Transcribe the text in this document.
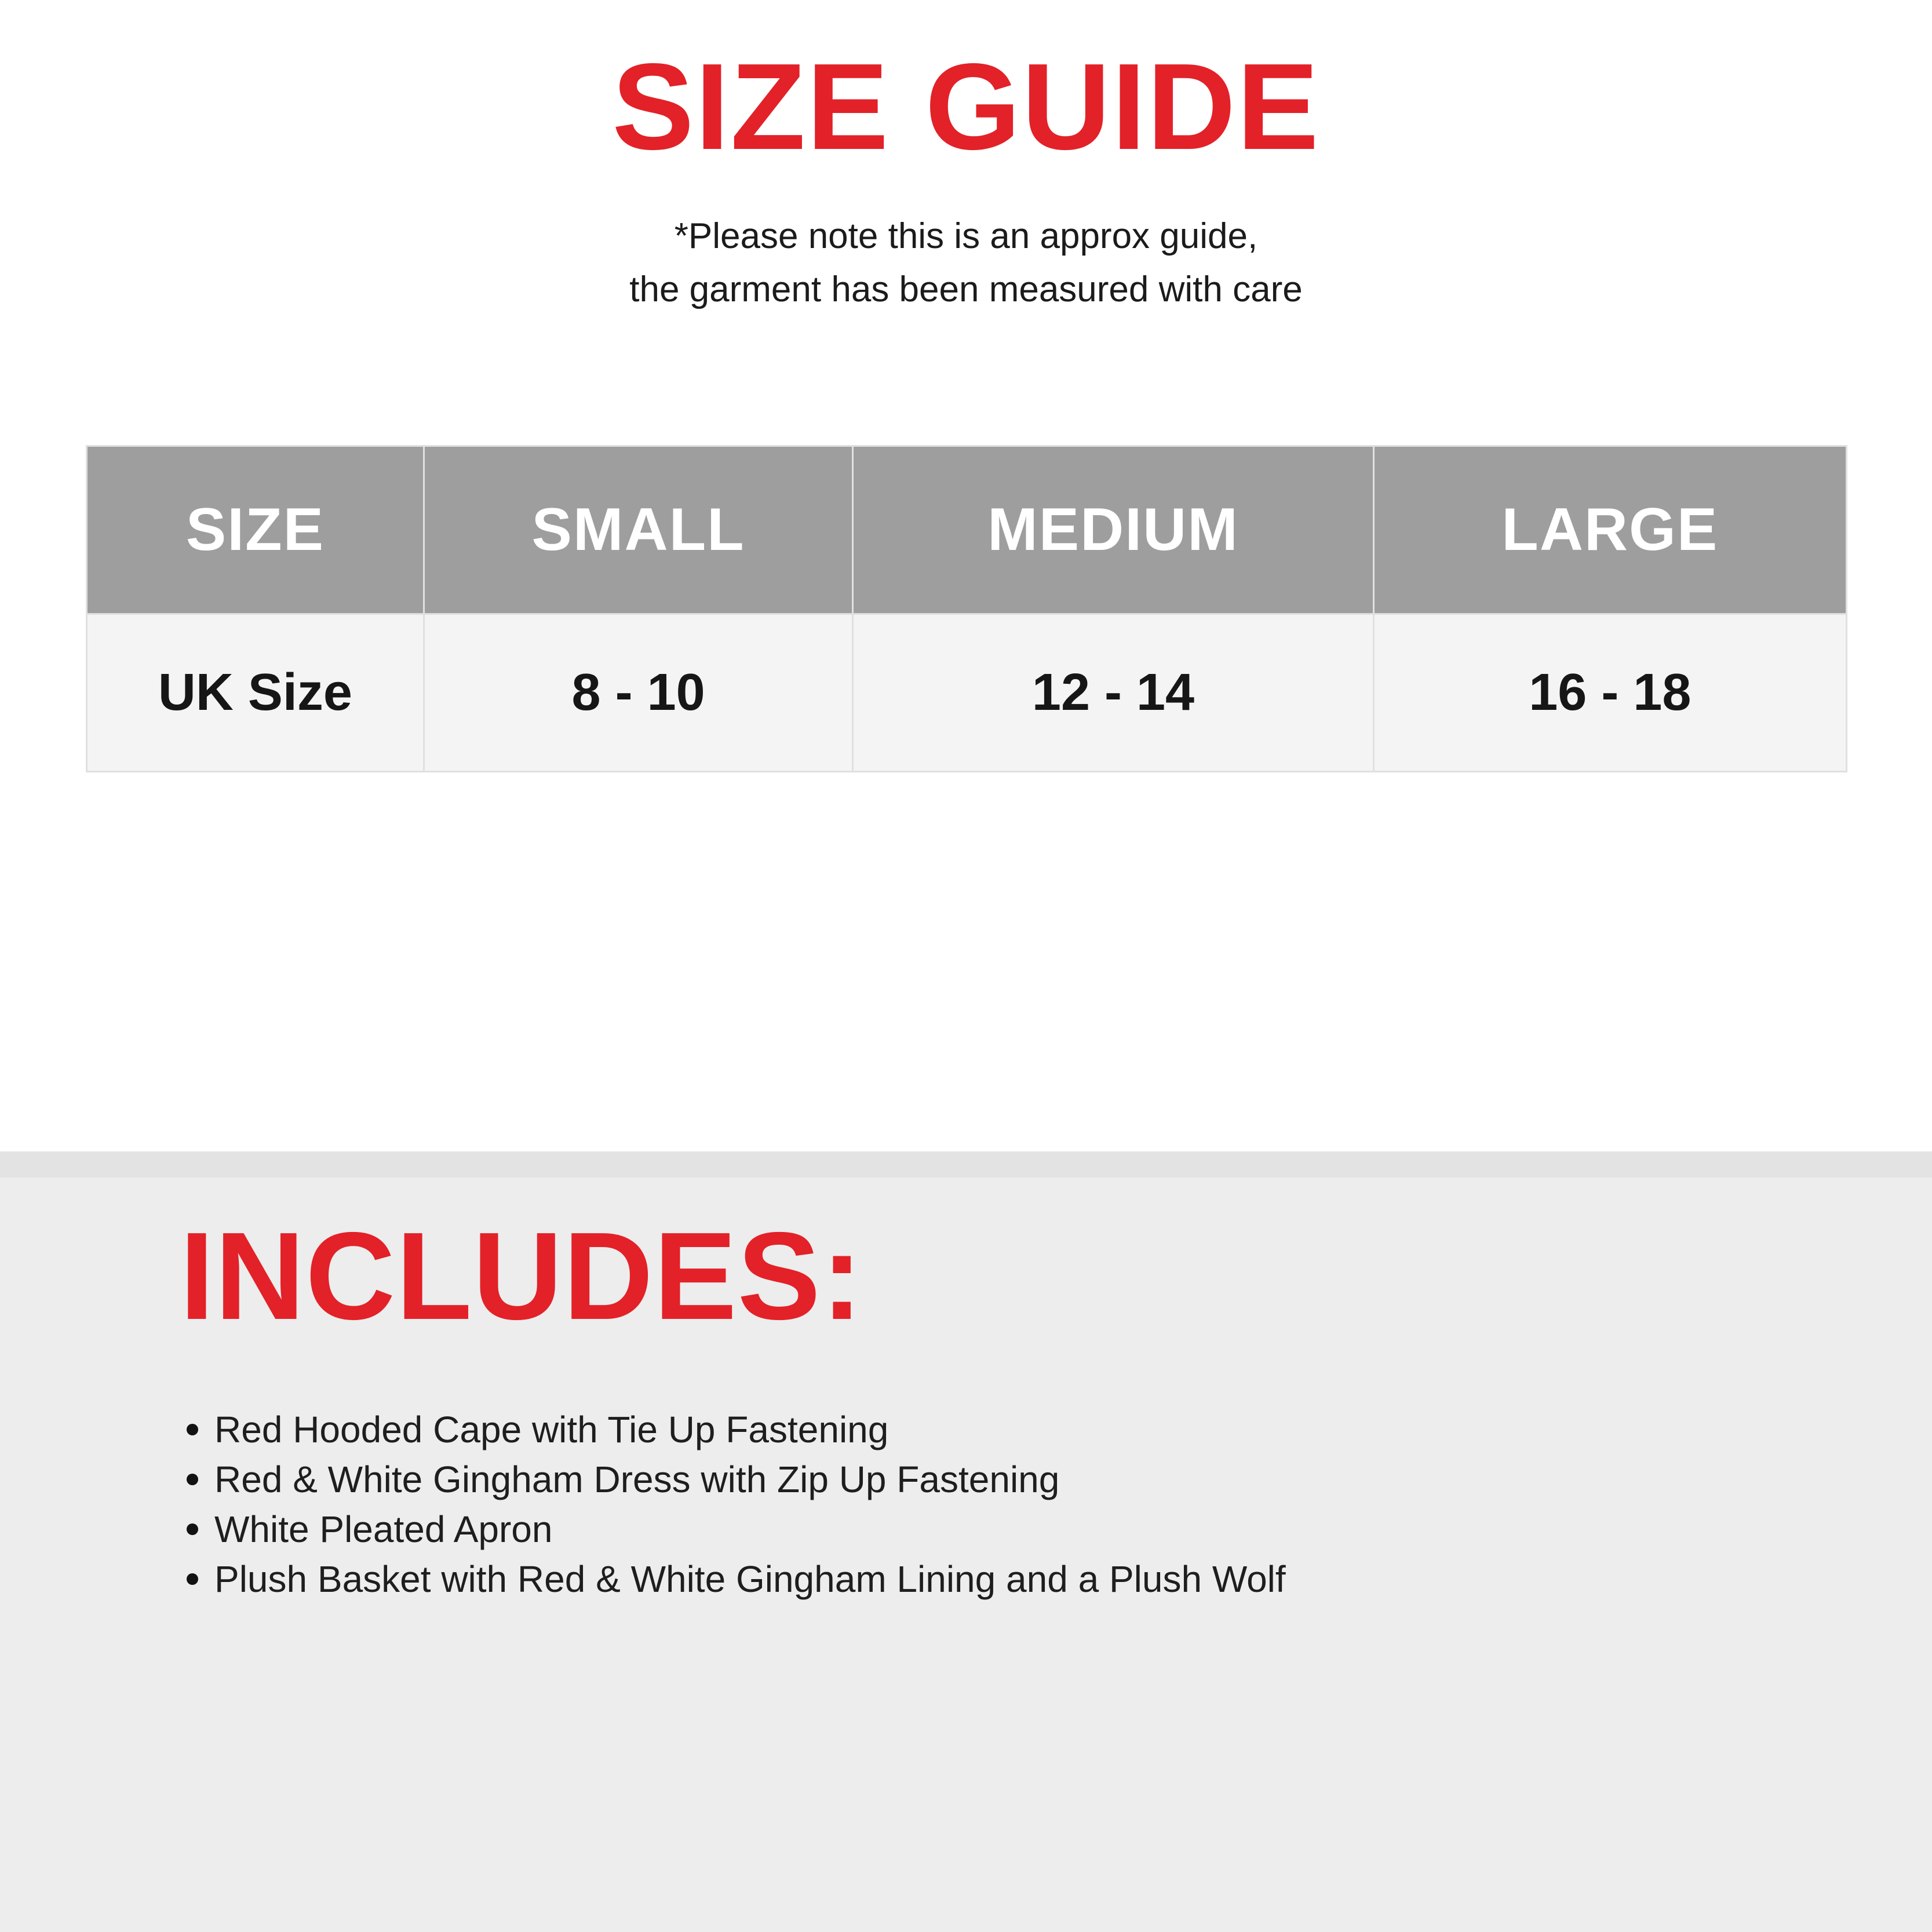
SIZE GUIDE

*Please note this is an approx guide,
the garment has been measured with care

SIZE	SMALL	MEDIUM	LARGE
UK Size	8 - 10	12 - 14	16 - 18
INCLUDES:
Red Hooded Cape with Tie Up Fastening
Red & White Gingham Dress with Zip Up Fastening
White Pleated Apron
Plush Basket with Red & White Gingham Lining and a Plush Wolf
